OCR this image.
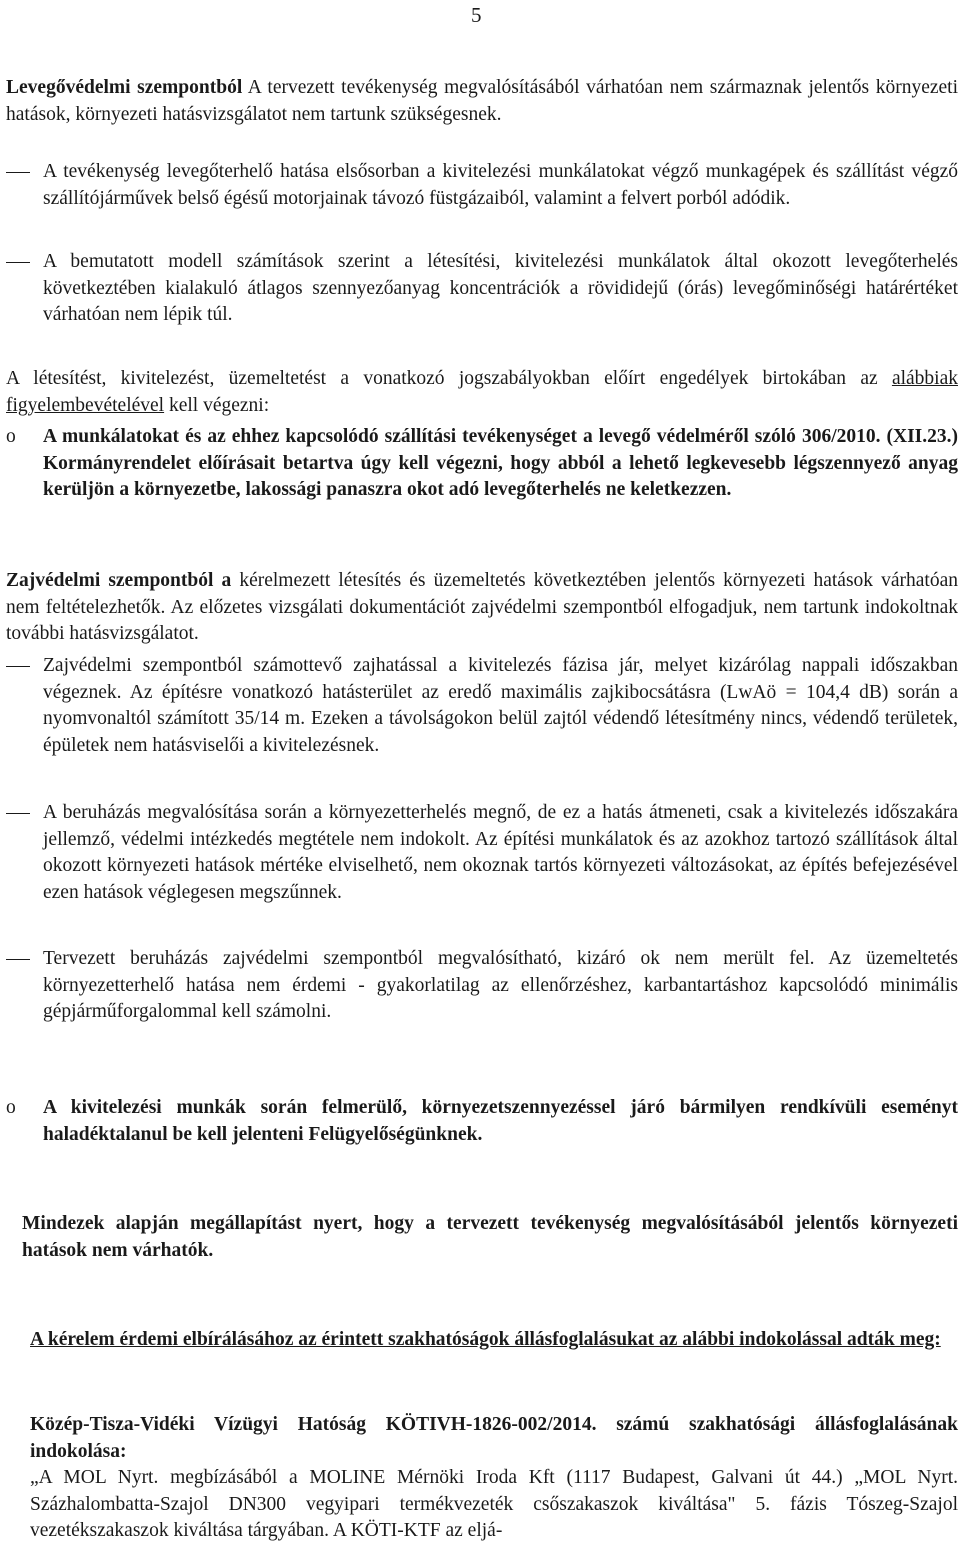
5

Levegővédelmi szempontból A tervezett tevékenység megvalósításából várhatóan nem származnak jelentős környezeti hatások, környezeti hatásvizsgálatot nem tartunk szükségesnek.

A tevékenység levegőterhelő hatása elsősorban a kivitelezési munkálatokat végző munkagépek és szállítást végző szállítójárművek belső égésű motorjainak távozó füstgázaiból, valamint a felvert porból adódik.

A bemutatott modell számítások szerint a létesítési, kivitelezési munkálatok által okozott levegőterhelés következtében kialakuló átlagos szennyezőanyag koncentrációk a rövididejű (órás) levegőminőségi határértéket várhatóan nem lépik túl.

A létesítést, kivitelezést, üzemeltetést a vonatkozó jogszabályokban előírt engedélyek birtokában az alábbiak figyelembevételével kell végezni:

o A munkálatokat és az ehhez kapcsolódó szállítási tevékenységet a levegő védelméről szóló 306/2010. (XII.23.) Kormányrendelet előírásait betartva úgy kell végezni, hogy abból a lehető legkevesebb légszennyező anyag kerüljön a környezetbe, lakossági panaszra okot adó levegőterhelés ne keletkezzen.

Zajvédelmi szempontból a kérelmezett létesítés és üzemeltetés következtében jelentős környezeti hatások várhatóan nem feltételezhetők. Az előzetes vizsgálati dokumentációt zajvédelmi szempontból elfogadjuk, nem tartunk indokoltnak további hatásvizsgálatot.

Zajvédelmi szempontból számottevő zajhatással a kivitelezés fázisa jár, melyet kizárólag nappali időszakban végeznek. Az építésre vonatkozó hatásterület az eredő maximális zajkibocsátásra (LwAö = 104,4 dB) során a nyomvonaltól számított 35/14 m. Ezeken a távolságokon belül zajtól védendő létesítmény nincs, védendő területek, épületek nem hatásviselői a kivitelezésnek.

A beruházás megvalósítása során a környezetterhelés megnő, de ez a hatás átmeneti, csak a kivitelezés időszakára jellemző, védelmi intézkedés megtétele nem indokolt. Az építési munkálatok és az azokhoz tartozó szállítások által okozott környezeti hatások mértéke elviselhető, nem okoznak tartós környezeti változásokat, az építés befejezésével ezen hatások véglegesen megszűnnek.

Tervezett beruházás zajvédelmi szempontból megvalósítható, kizáró ok nem merült fel. Az üzemeltetés környezetterhelő hatása nem érdemi - gyakorlatilag az ellenőrzéshez, karbantartáshoz kapcsolódó minimális gépjárműforgalommal kell számolni.

o A kivitelezési munkák során felmerülő, környezetszennyezéssel járó bármilyen rendkívüli eseményt haladéktalanul be kell jelenteni Felügyelőségünknek.

Mindezek alapján megállapítást nyert, hogy a tervezett tevékenység megvalósításából jelentős környezeti hatások nem várhatók.

A kérelem érdemi elbírálásához az érintett szakhatóságok állásfoglalásukat az alábbi indokolással adták meg:

Közép-Tisza-Vidéki Vízügyi Hatóság KÖTIVH-1826-002/2014. számú szakhatósági állásfoglalásának indokolása:

„A MOL Nyrt. megbízásából a MOLINE Mérnöki Iroda Kft (1117 Budapest, Galvani út 44.) „MOL Nyrt. Százhalombatta-Szajol DN300 vegyipari termékvezeték csőszakaszok kiváltása" 5. fázis Tószeg-Szajol vezetékszakaszok kiváltása tárgyában. A KÖTI-KTF az eljá-
